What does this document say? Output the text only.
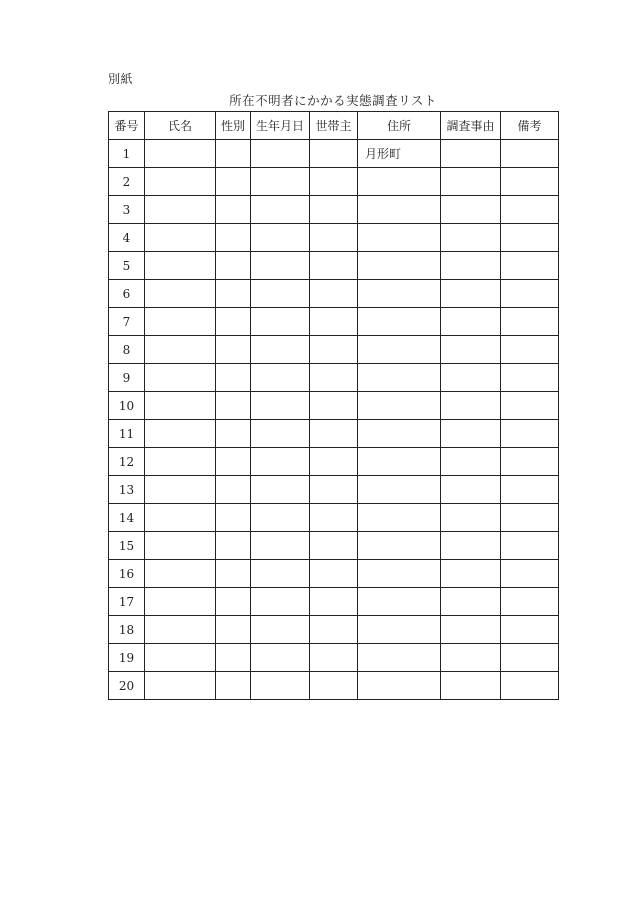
別紙
所在不明者にかかる実態調査リスト
番号	氏名	性別	生年月日	世帯主	住所	調査事由	備考
1					月形町		
2							
3							
4							
5							
6							
7							
8							
9							
10							
11							
12							
13							
14							
15							
16							
17							
18							
19							
20							
